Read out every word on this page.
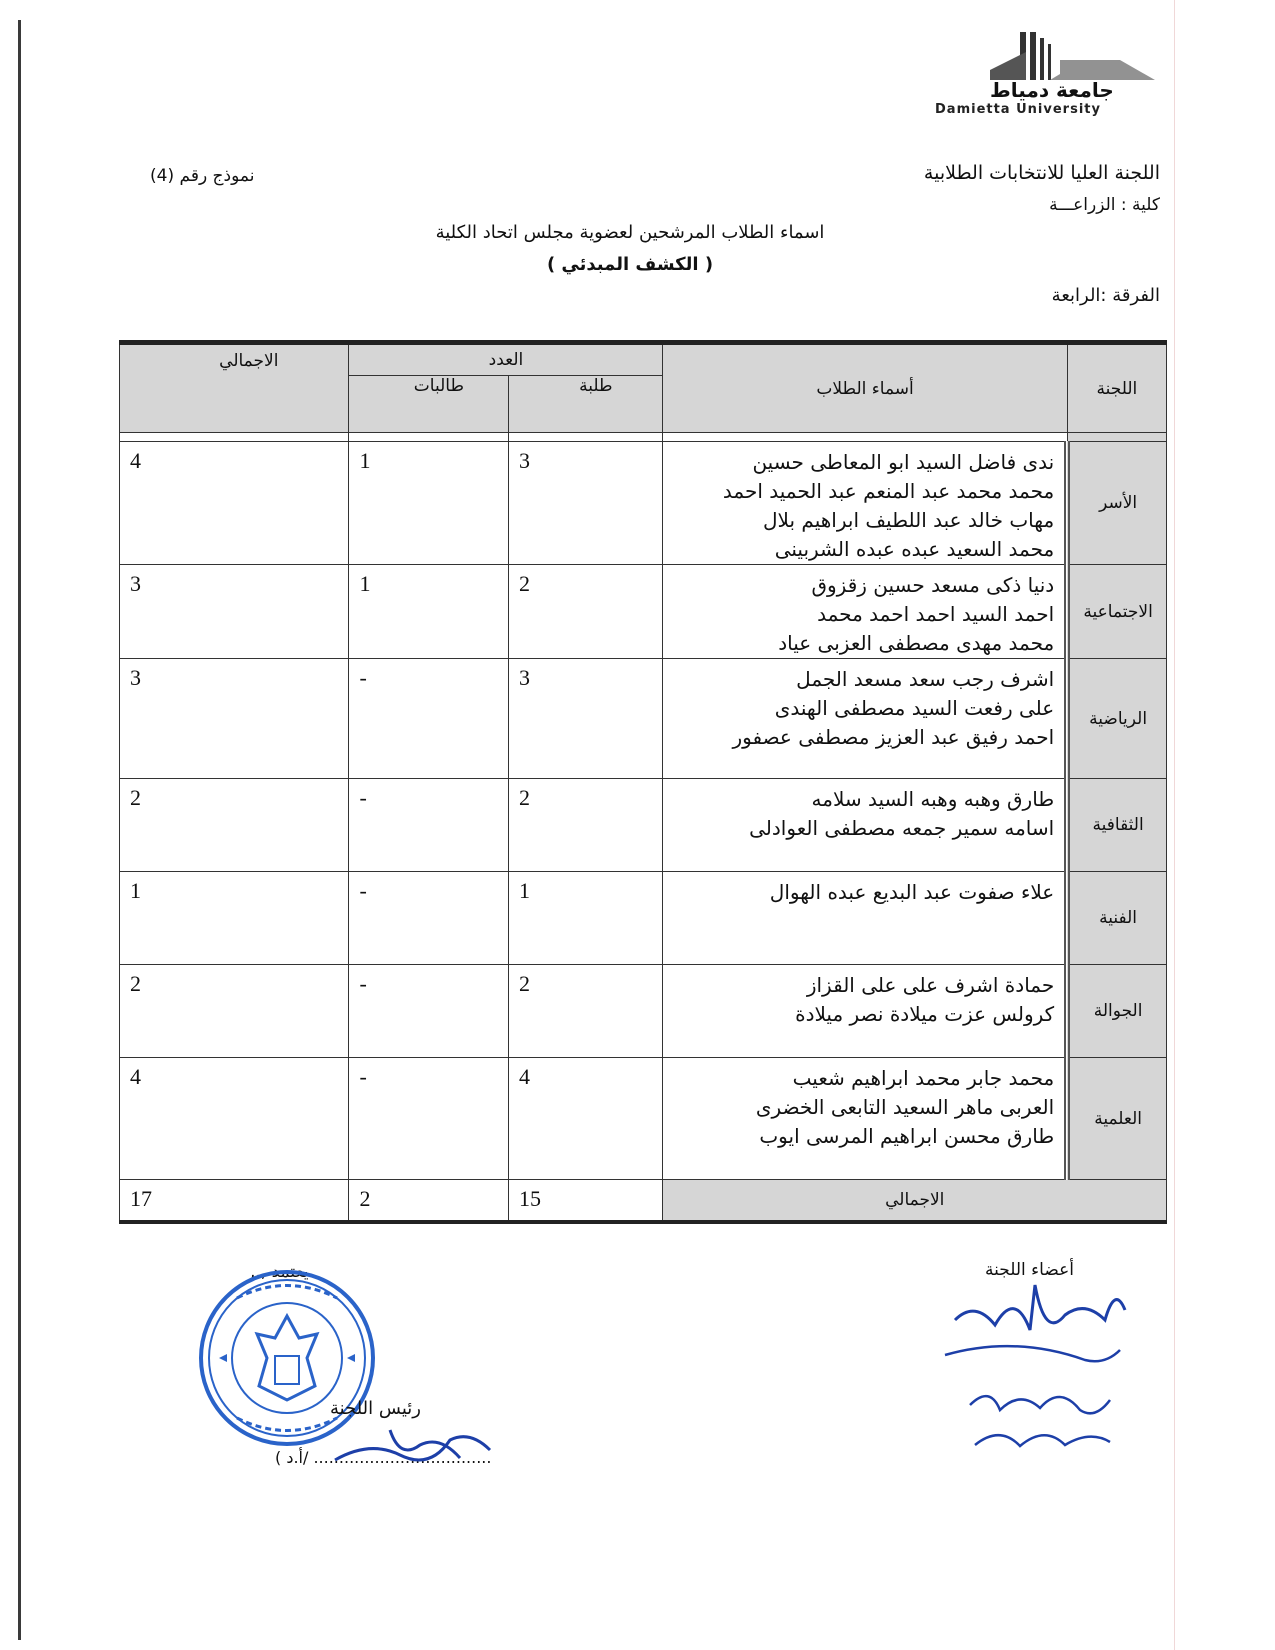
جامعة دمياط
Damietta University
اللجنة العليا للانتخابات الطلابية
نموذج رقم (4)
كلية : الزراعـــة
اسماء الطلاب المرشحين لعضوية مجلس اتحاد الكلية
( الكشف المبدئي )
الفرقة :الرابعة
اللجنة	أسماء الطلاب	العدد		الاجمالي
		طلبة	طالبات	

الأسر	ندى فاضل السيد ابو المعاطى حسين
محمد محمد عبد المنعم عبد الحميد احمد
مهاب خالد عبد اللطيف ابراهيم بلال
محمد السعيد عبده عبده الشربينى	3	1	4
الاجتماعية	دنيا ذكى مسعد حسين زقزوق
احمد السيد احمد احمد محمد
محمد مهدى مصطفى العزبى عياد	2	1	3
الرياضية	اشرف رجب سعد مسعد الجمل
على رفعت السيد مصطفى الهندى
احمد رفيق عبد العزيز مصطفى عصفور	3	-	3
الثقافية	طارق وهبه وهبه السيد سلامه
اسامه سمير جمعه مصطفى العوادلى	2	-	2
الفنية	علاء صفوت عبد البديع عبده الهوال	1	-	1
الجوالة	حمادة اشرف على على القزاز
كرولس عزت ميلادة نصر ميلادة	2	-	2
العلمية	محمد جابر محمد ابراهيم شعيب
العربى ماهر السعيد التابعى الخضرى
طارق محسن ابراهيم المرسى ايوب	4	-	4
الاجمالي		15	2	17
أعضاء اللجنة
يعتمد ,,,
رئيس اللجنة
( أ.د/ ...................................
